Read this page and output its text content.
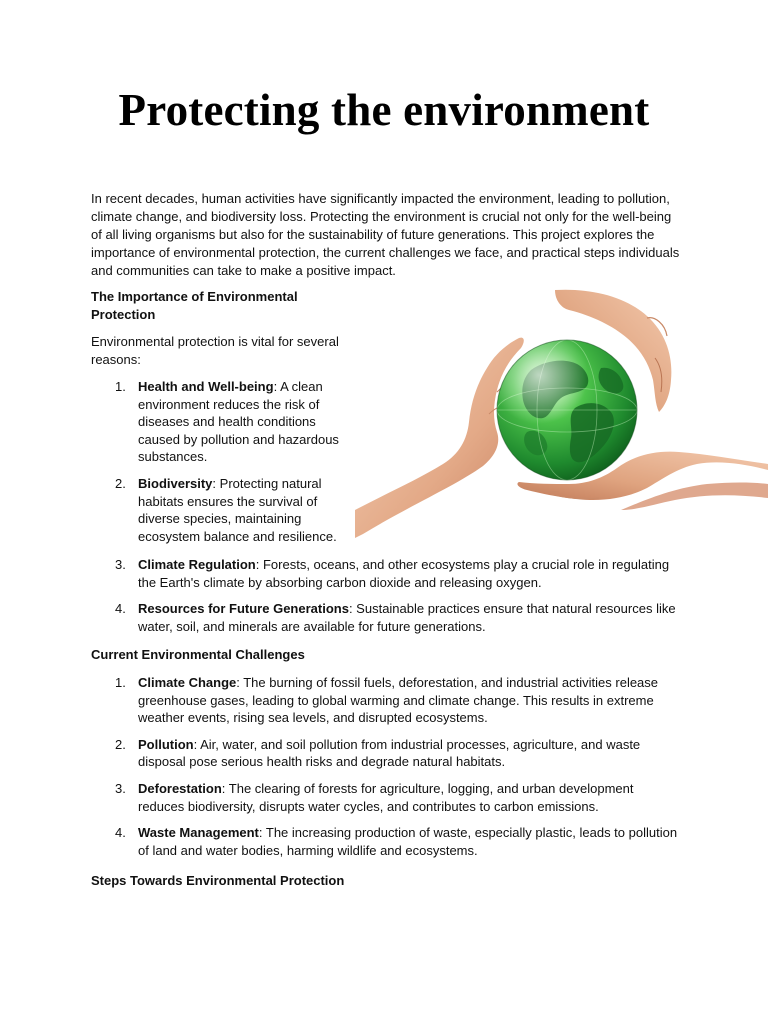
Protecting the environment

In recent decades, human activities have significantly impacted the environment, leading to pollution, climate change, and biodiversity loss. Protecting the environment is crucial not only for the well-being of all living organisms but also for the sustainability of future generations. This project explores the importance of environmental protection, the current challenges we face, and practical steps individuals and communities can take to make a positive impact.

The Importance of Environmental Protection

Environmental protection is vital for several reasons:

1. Health and Well-being: A clean environment reduces the risk of diseases and health conditions caused by pollution and hazardous substances.
2. Biodiversity: Protecting natural habitats ensures the survival of diverse species, maintaining ecosystem balance and resilience.
3. Climate Regulation: Forests, oceans, and other ecosystems play a crucial role in regulating the Earth's climate by absorbing carbon dioxide and releasing oxygen.
4. Resources for Future Generations: Sustainable practices ensure that natural resources like water, soil, and minerals are available for future generations.

Current Environmental Challenges

1. Climate Change: The burning of fossil fuels, deforestation, and industrial activities release greenhouse gases, leading to global warming and climate change. This results in extreme weather events, rising sea levels, and disrupted ecosystems.
2. Pollution: Air, water, and soil pollution from industrial processes, agriculture, and waste disposal pose serious health risks and degrade natural habitats.
3. Deforestation: The clearing of forests for agriculture, logging, and urban development reduces biodiversity, disrupts water cycles, and contributes to carbon emissions.
4. Waste Management: The increasing production of waste, especially plastic, leads to pollution of land and water bodies, harming wildlife and ecosystems.

Steps Towards Environmental Protection
